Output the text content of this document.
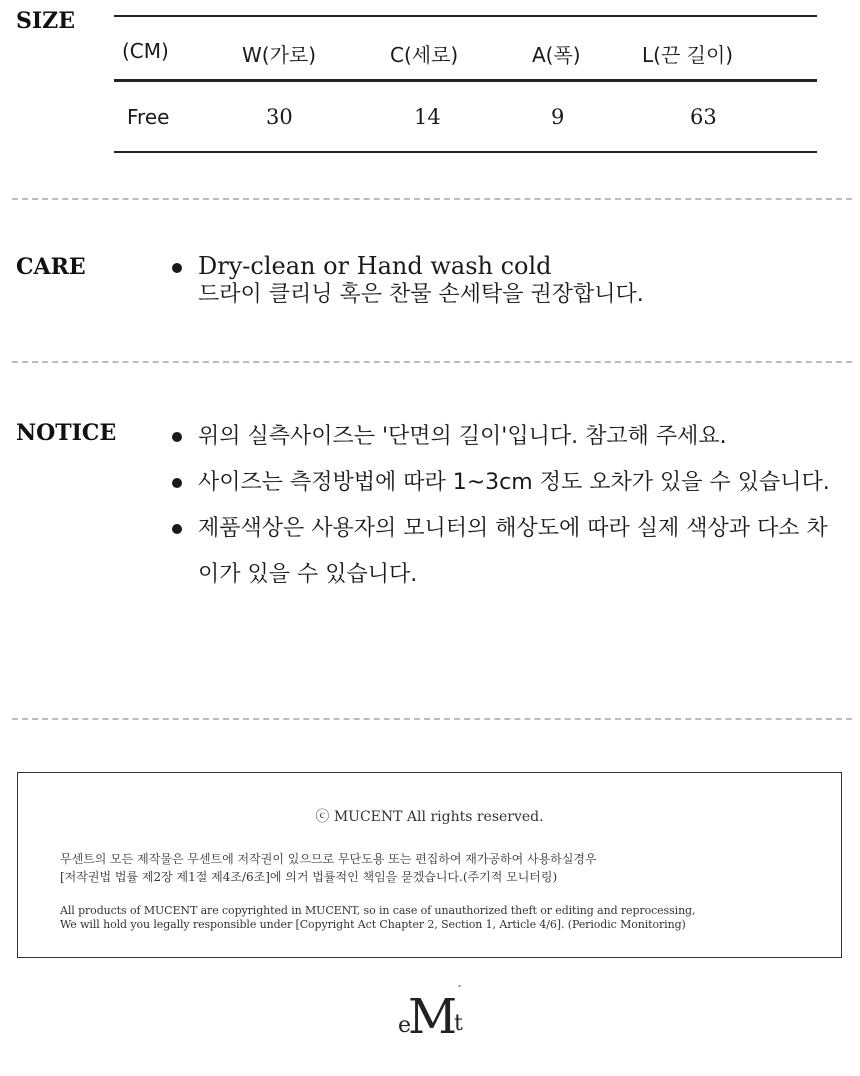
SIZE
(CM)	W(가로)	C(세로)	A(폭)	L(끈 길이)
Free	30	14	9	63
CARE	Dry-clean or Hand wash cold
드라이 클리닝 혹은 찬물 손세탁을 권장합니다.
NOTICE	위의 실측사이즈는 '단면의 길이'입니다. 참고해 주세요.
사이즈는 측정방법에 따라 1~3cm 정도 오차가 있을 수 있습니다.
제품색상은 사용자의 모니터의 해상도에 따라 실제 색상과 다소 차이가 있을 수 있습니다.
ⓒ MUCENT All rights reserved.
무센트의 모든 제작물은 무센트에 저작권이 있으므로 무단도용 또는 편집하여 재가공하여 사용하실경우
[저작권법 법률 제2장 제1절 제4조/6조]에 의거 법률적인 책임을 묻겠습니다.(주기적 모니터링)
All products of MUCENT are copyrighted in MUCENT, so in case of unauthorized theft or editing and reprocessing,
We will hold you legally responsible under [Copyright Act Chapter 2, Section 1, Article 4/6]. (Periodic Monitoring)
e
M t
°
